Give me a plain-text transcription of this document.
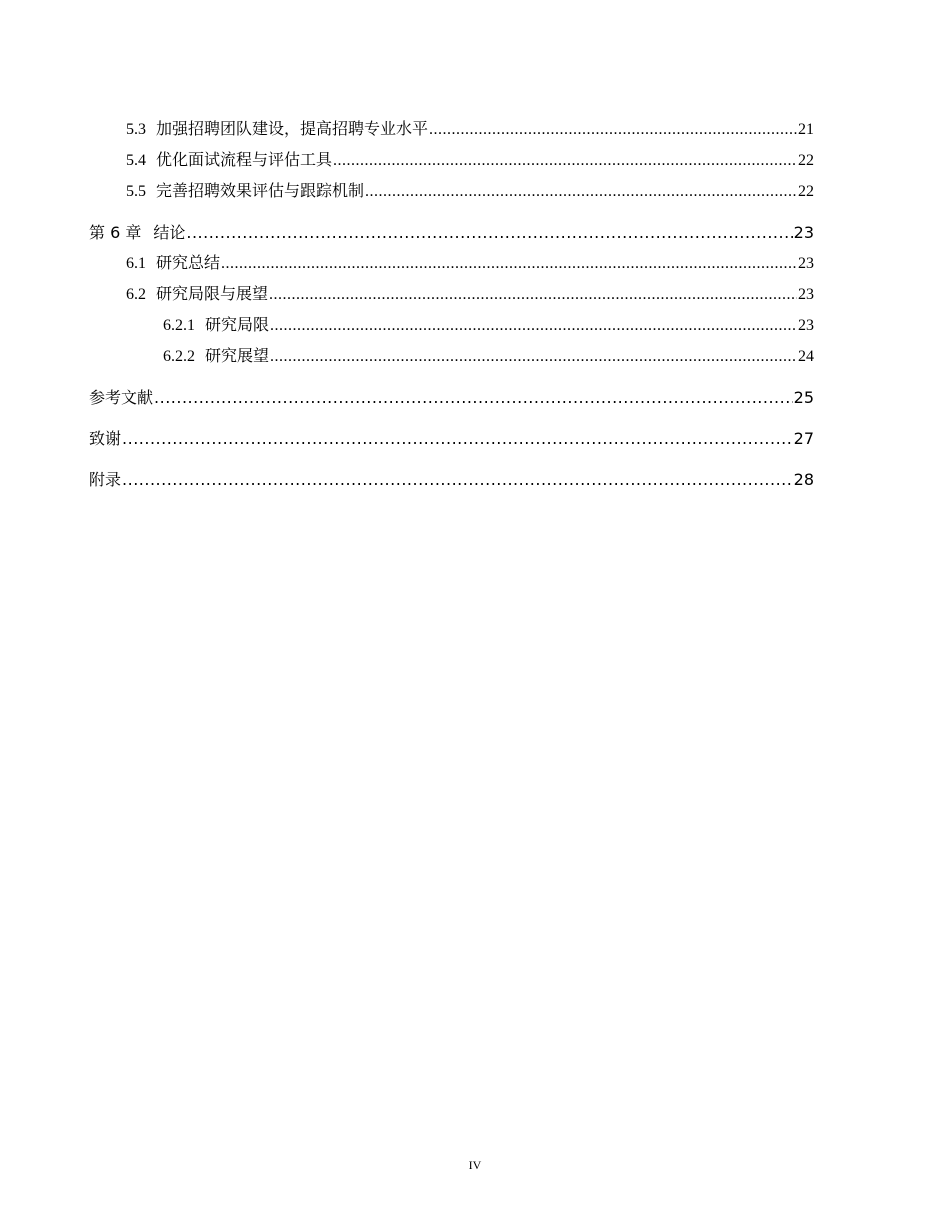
5.3 加强招聘团队建设，提高招聘专业水平 .....	21
5.4 优化面试流程与评估工具 .....	22
5.5 完善招聘效果评估与跟踪机制 .....	22
第 6 章 结论 .....	23
6.1 研究总结 .....	23
6.2 研究局限与展望 .....	23
6.2.1 研究局限 .....	23
6.2.2 研究展望 .....	24
参考文献 .....	25
致谢 .....	27
附录 .....	28
IV
